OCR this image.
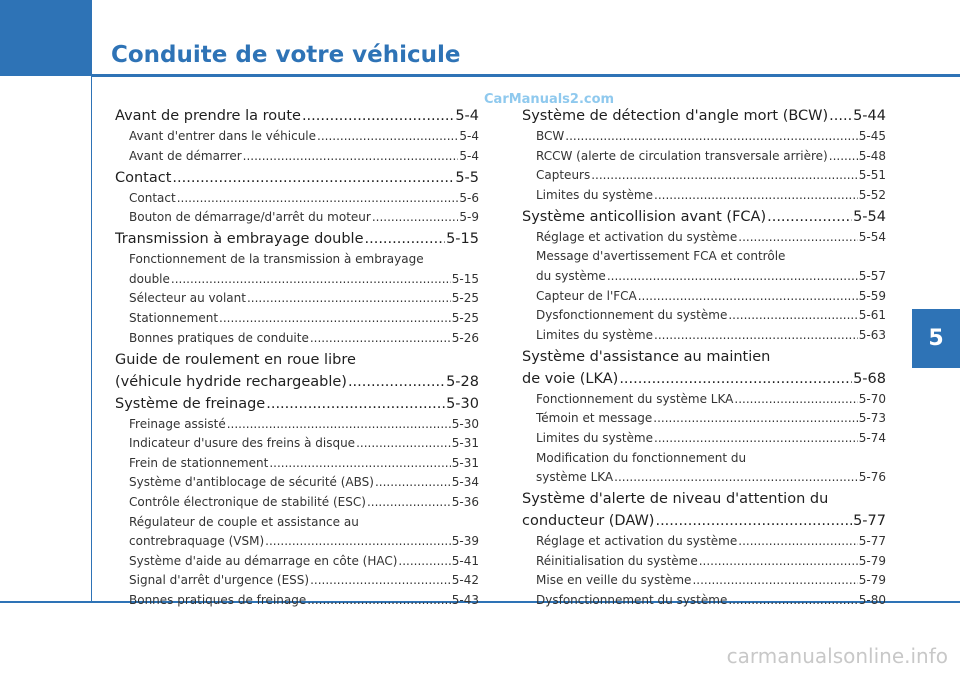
Conduite de votre véhicule
5
CarManuals2.com
carmanualsonline.info
Avant de prendre la route .....	5-4
Avant d'entrer dans le véhicule .....	5-4
Avant de démarrer .....	5-4
Contact .....	5-5
Contact .....	5-6
Bouton de démarrage/d'arrêt du moteur .....	5-9
Transmission à embrayage double .....	5-15
Fonctionnement de la transmission à embrayage
double .....	5-15
Sélecteur au volant .....	5-25
Stationnement .....	5-25
Bonnes pratiques de conduite .....	5-26
Guide de roulement en roue libre
(véhicule hydride rechargeable) .....	5-28
Système de freinage .....	5-30
Freinage assisté .....	5-30
Indicateur d'usure des freins à disque .....	5-31
Frein de stationnement .....	5-31
Système d'antiblocage de sécurité (ABS) .....	5-34
Contrôle électronique de stabilité (ESC) .....	5-36
Régulateur de couple et assistance au
contrebraquage (VSM) .....	5-39
Système d'aide au démarrage en côte (HAC) .....	5-41
Signal d'arrêt d'urgence (ESS) .....	5-42
Bonnes pratiques de freinage .....	5-43
Système de détection d'angle mort (BCW) ..... 5-44
BCW .....	5-45
RCCW (alerte de circulation transversale arrière) .....	5-48
Capteurs .....	5-51
Limites du système .....	5-52
Système anticollision avant (FCA) .....	5-54
Réglage et activation du système .....	5-54
Message d'avertissement FCA et contrôle
du système .....	5-57
Capteur de l'FCA .....	5-59
Dysfonctionnement du système .....	5-61
Limites du système .....	5-63
Système d'assistance au maintien
de voie (LKA) .....	5-68
Fonctionnement du système LKA .....	5-70
Témoin et message .....	5-73
Limites du système .....	5-74
Modification du fonctionnement du
système LKA .....	5-76
Système d'alerte de niveau d'attention du
conducteur (DAW) .....	5-77
Réglage et activation du système .....	5-77
Réinitialisation du système .....	5-79
Mise en veille du système .....	5-79
Dysfonctionnement du système .....	5-80
